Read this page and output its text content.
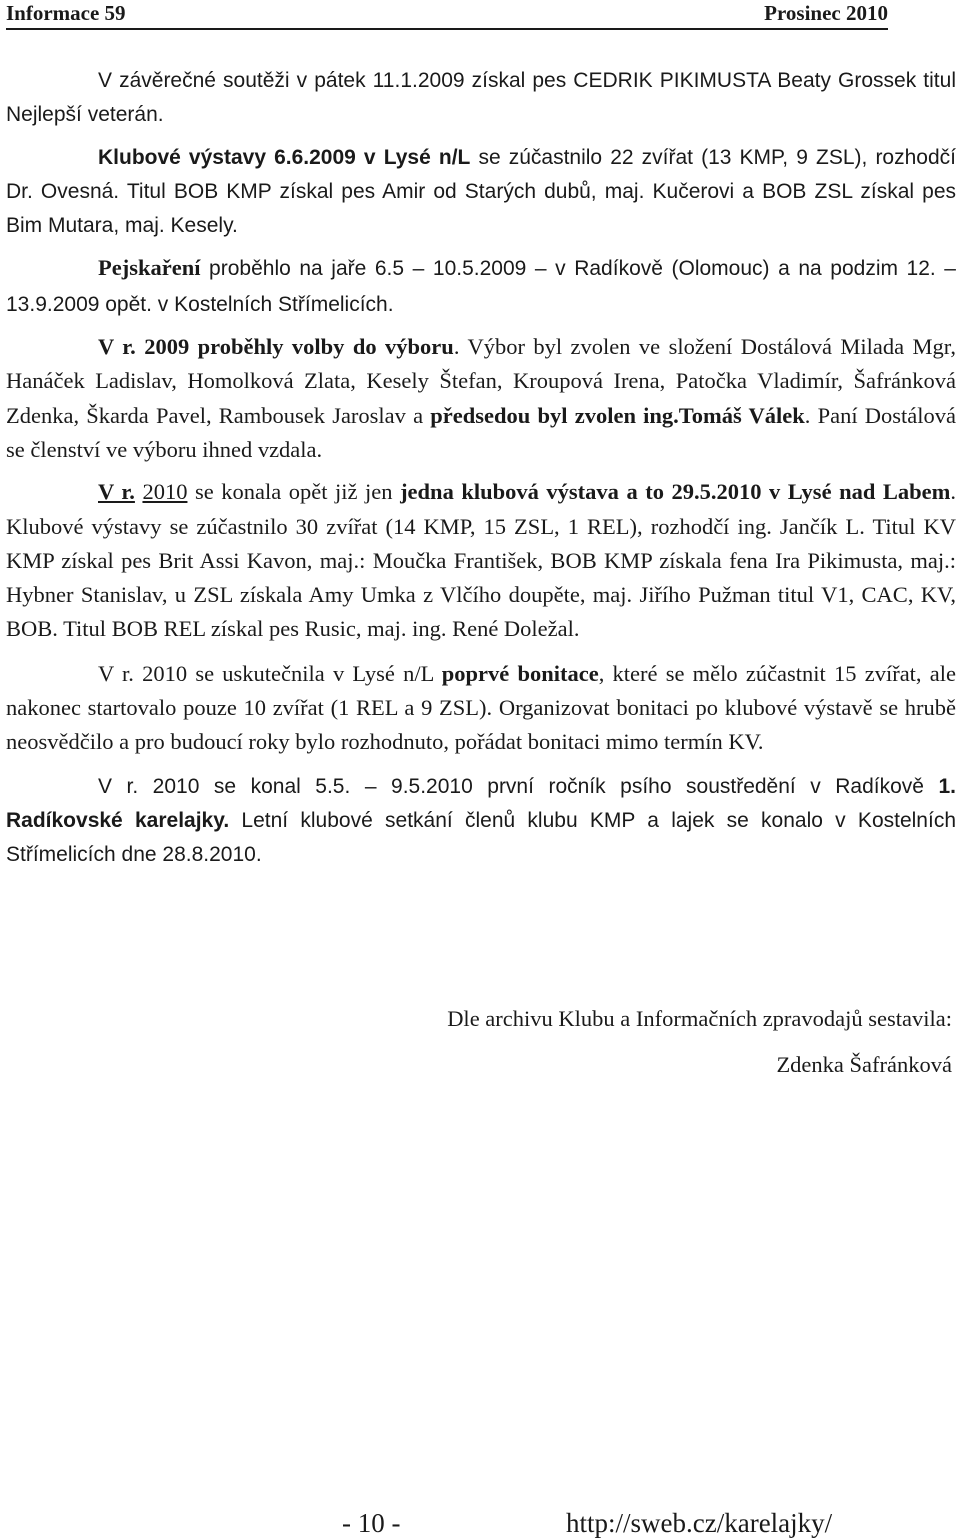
Informace 59	Prosinec 2010

V závěrečné soutěži v pátek 11.1.2009 získal pes CEDRIK PIKIMUSTA Beaty Grossek titul Nejlepší veterán.

Klubové výstavy 6.6.2009 v Lysé n/L se zúčastnilo 22 zvířat (13 KMP, 9 ZSL), rozhodčí Dr. Ovesná. Titul BOB KMP získal pes Amir od Starých dubů, maj. Kučerovi a BOB ZSL získal pes Bim Mutara, maj. Kesely.

Pejskaření proběhlo na jaře 6.5 – 10.5.2009 – v Radíkově (Olomouc) a na podzim 12. – 13.9.2009 opět. v Kostelních Střímelicích.

V r. 2009 proběhly volby do výboru. Výbor byl zvolen ve složení Dostálová Milada Mgr, Hanáček Ladislav, Homolková Zlata, Kesely Štefan, Kroupová Irena, Patočka Vladimír, Šafránková Zdenka, Škarda Pavel, Rambousek Jaroslav a předsedou byl zvolen ing.Tomáš Válek. Paní Dostálová se členství ve výboru ihned vzdala.

V r. 2010 se konala opět již jen jedna klubová výstava a to 29.5.2010 v Lysé nad Labem. Klubové výstavy se zúčastnilo 30 zvířat (14 KMP, 15 ZSL, 1 REL), rozhodčí ing. Jančík L. Titul KV KMP získal pes Brit Assi Kavon, maj.: Moučka František, BOB KMP získala fena Ira Pikimusta, maj.: Hybner Stanislav, u ZSL získala Amy Umka z Vlčího doupěte, maj. Jiřího Pužman titul V1, CAC, KV, BOB. Titul BOB REL získal pes Rusic, maj. ing. René Doležal.

V r. 2010 se uskutečnila v Lysé n/L poprvé bonitace, které se mělo zúčastnit 15 zvířat, ale nakonec startovalo pouze 10 zvířat (1 REL a 9 ZSL). Organizovat bonitaci po klubové výstavě se hrubě neosvědčilo a pro budoucí roky bylo rozhodnuto, pořádat bonitaci mimo termín KV.

V r. 2010 se konal 5.5. – 9.5.2010 první ročník psího soustředění v Radíkově 1. Radíkovské karelajky. Letní klubové setkání členů klubu KMP a lajek se konalo v Kostelních Střímelicích dne 28.8.2010.

Dle archivu Klubu a Informačních zpravodajů sestavila:
Zdenka Šafránková
- 10 -	http://sweb.cz/karelajky/
